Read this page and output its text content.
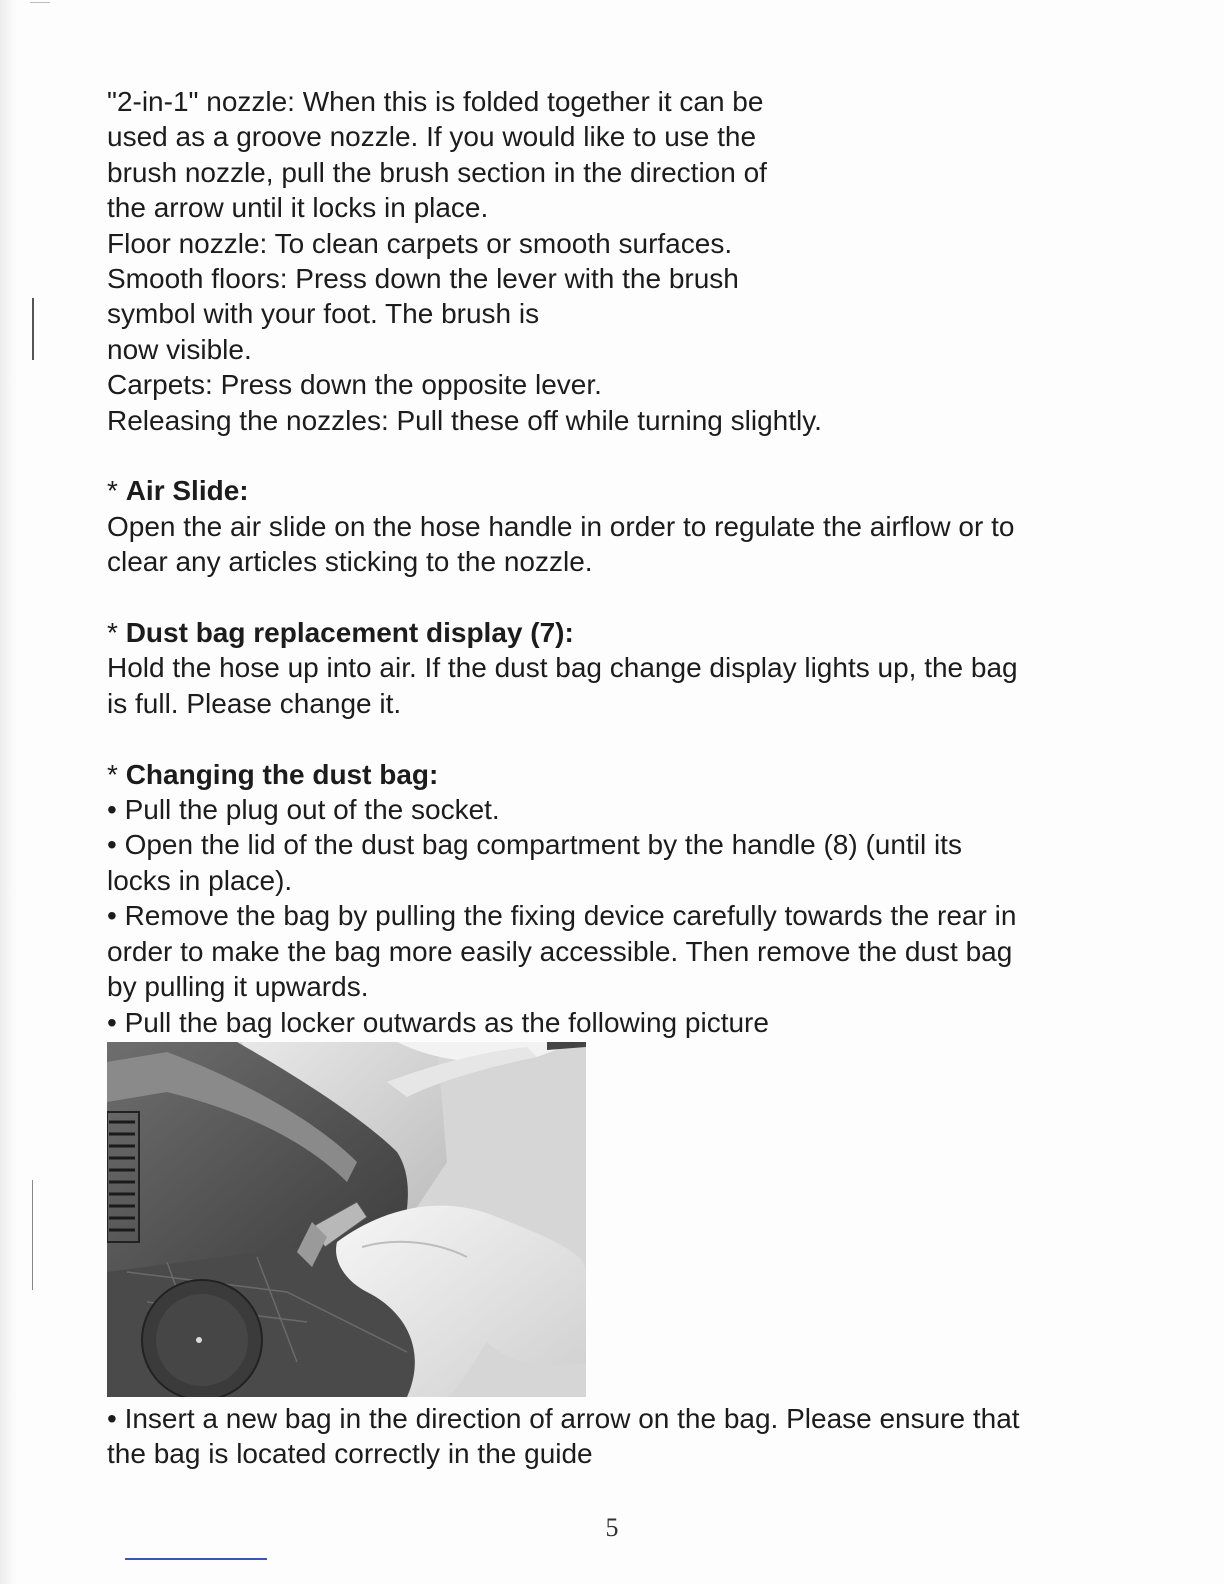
"2-in-1" nozzle: When this is folded together it can be
used as a groove nozzle. If you would like to use the
brush nozzle, pull the brush section in the direction of
the arrow until it locks in place.
Floor nozzle: To clean carpets or smooth surfaces.
Smooth floors: Press down the lever with the brush
symbol with your foot. The brush is
now visible.
Carpets: Press down the opposite lever.
Releasing the nozzles: Pull these off while turning slightly.
* Air Slide:
Open the air slide on the hose handle in order to regulate the airflow or to
clear any articles sticking to the nozzle.
* Dust bag replacement display (7):
Hold the hose up into air. If the dust bag change display lights up, the bag
is full. Please change it.
* Changing the dust bag:
• Pull the plug out of the socket.
• Open the lid of the dust bag compartment by the handle (8) (until its
locks in place).
• Remove the bag by pulling the fixing device carefully towards the rear in
order to make the bag more easily accessible. Then remove the dust bag
by pulling it upwards.
• Pull the bag locker outwards as the following picture
• Insert a new bag in the direction of arrow on the bag. Please ensure that
the bag is located correctly in the guide
5
